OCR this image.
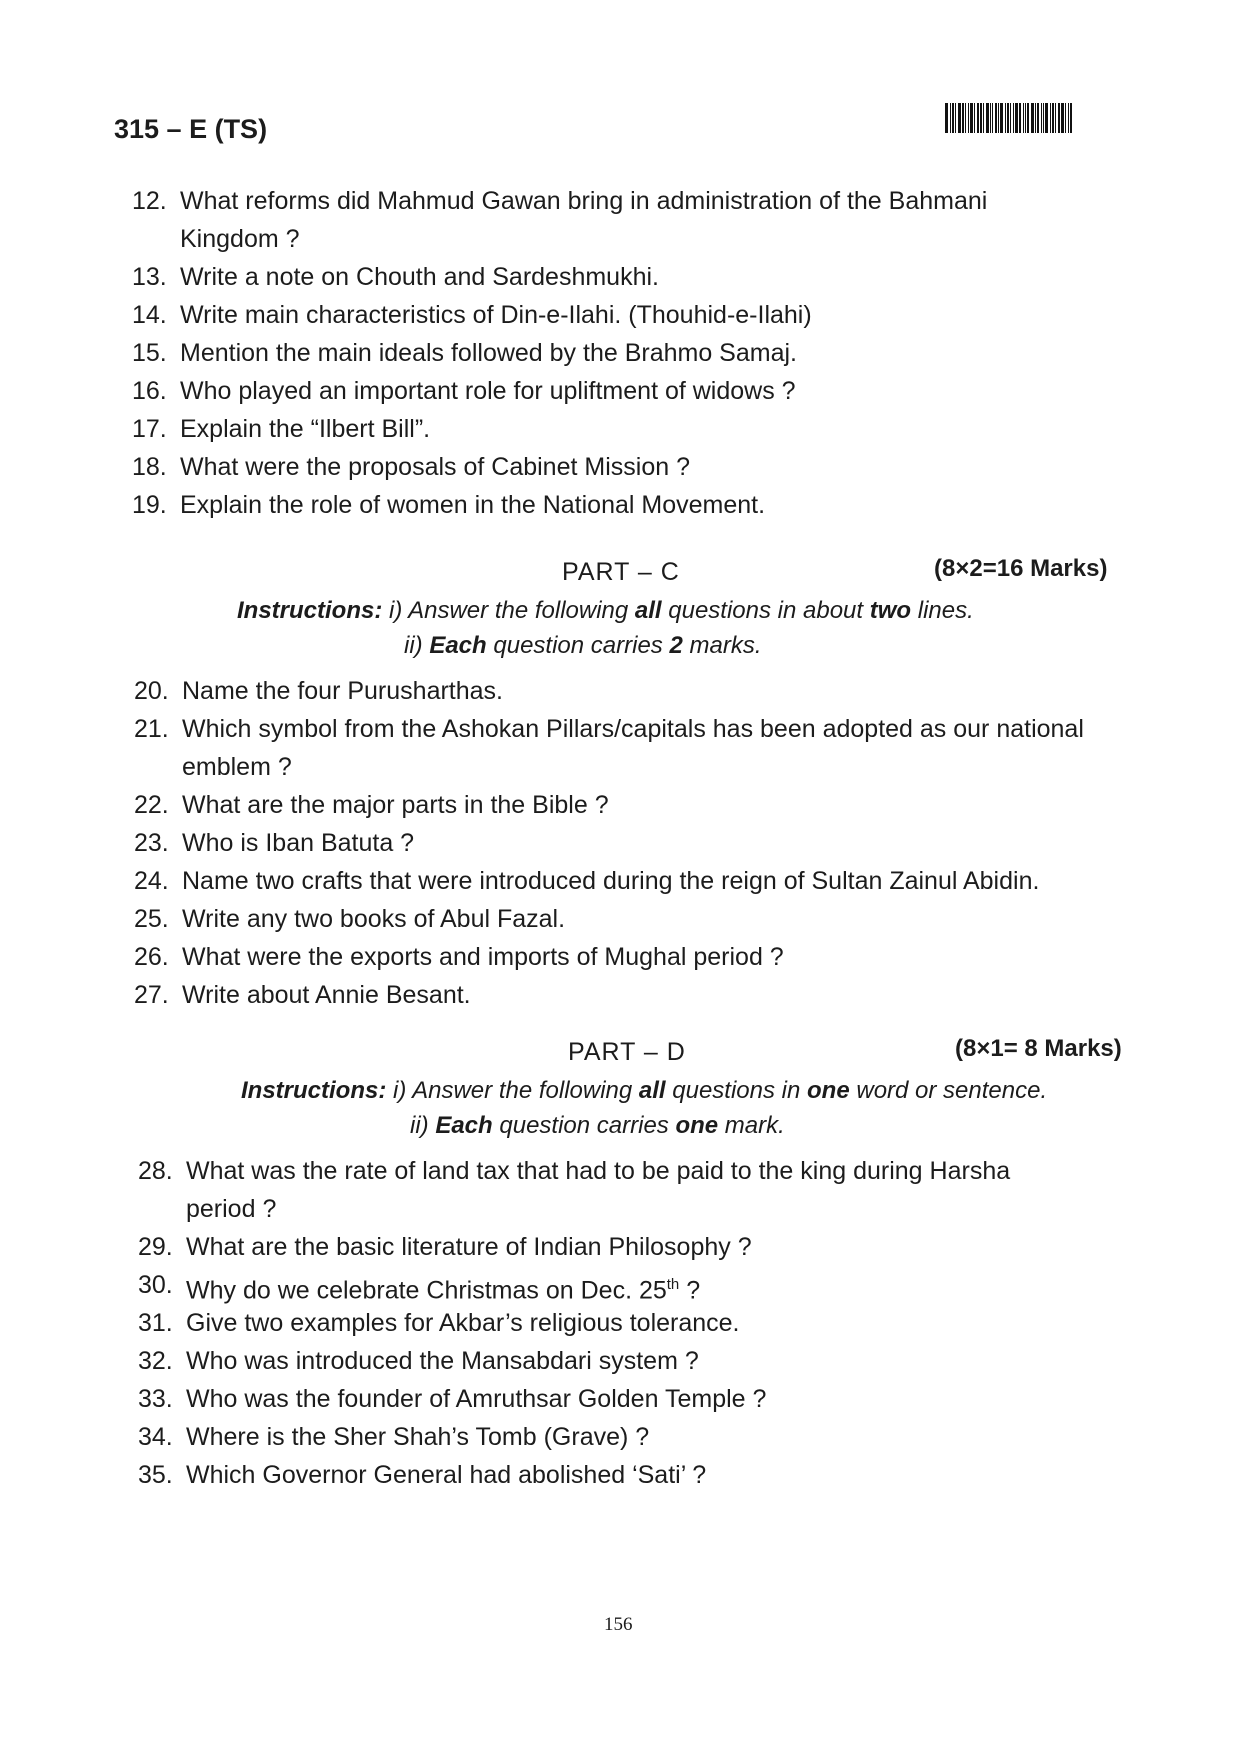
315 – E (TS)
12. What reforms did Mahmud Gawan bring in administration of the Bahmani
Kingdom ?
13. Write a note on Chouth and Sardeshmukhi.
14. Write main characteristics of Din-e-Ilahi. (Thouhid-e-Ilahi)
15. Mention the main ideals followed by the Brahmo Samaj.
16. Who played an important role for upliftment of widows ?
17. Explain the “Ilbert Bill”.
18. What were the proposals of Cabinet Mission ?
19. Explain the role of women in the National Movement.
PART – C	(8×2=16 Marks)
Instructions: i) Answer the following all questions in about two lines.
ii) Each question carries 2 marks.
20. Name the four Purusharthas.
21. Which symbol from the Ashokan Pillars/capitals has been adopted as our national
emblem ?
22. What are the major parts in the Bible ?
23. Who is Iban Batuta ?
24. Name two crafts that were introduced during the reign of Sultan Zainul Abidin.
25. Write any two books of Abul Fazal.
26. What were the exports and imports of Mughal period ?
27. Write about Annie Besant.
PART – D	(8×1= 8 Marks)
Instructions: i) Answer the following all questions in one word or sentence.
ii) Each question carries one mark.
28. What was the rate of land tax that had to be paid to the king during Harsha
period ?
29. What are the basic literature of Indian Philosophy ?
30. Why do we celebrate Christmas on Dec. 25th ?
31. Give two examples for Akbar’s religious tolerance.
32. Who was introduced the Mansabdari system ?
33. Who was the founder of Amruthsar Golden Temple ?
34. Where is the Sher Shah’s Tomb (Grave) ?
35. Which Governor General had abolished ‘Sati’ ?
156
